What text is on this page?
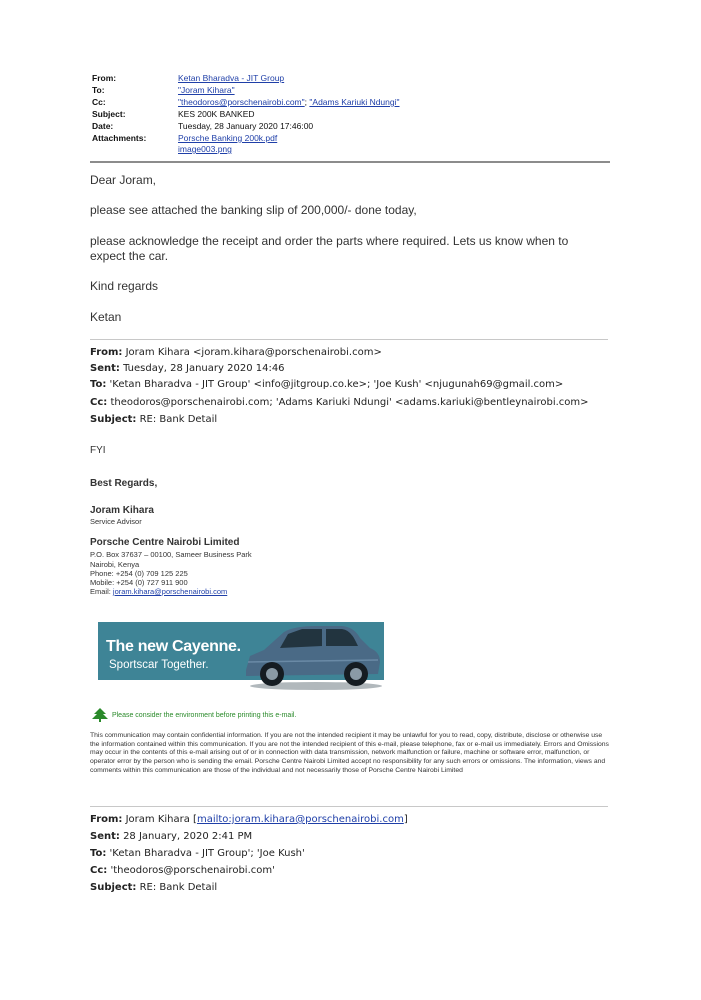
From:	Ketan Bharadva - JIT Group
To:	"Joram Kihara"
Cc:	"theodoros@porschenairobi.com"; "Adams Kariuki Ndungi"
Subject:	KES 200K BANKED
Date:	Tuesday, 28 January 2020 17:46:00
Attachments:	Porsche Banking 200k.pdf
image003.png
Dear Joram,
please see attached the banking slip of 200,000/- done today,
please acknowledge the receipt and order the parts where required. Lets us know when to expect the car.
Kind regards
Ketan
From: Joram Kihara <joram.kihara@porschenairobi.com>
Sent: Tuesday, 28 January 2020 14:46
To: 'Ketan Bharadva - JIT Group' <info@jitgroup.co.ke>; 'Joe Kush' <njugunah69@gmail.com>
Cc: theodoros@porschenairobi.com; 'Adams Kariuki Ndungi' <adams.kariuki@bentleynairobi.com>
Subject: RE: Bank Detail
FYI
Best Regards,
Joram Kihara
Service Advisor
Porsche Centre Nairobi Limited
P.O. Box 37637 – 00100, Sameer Business Park
Nairobi, Kenya
Phone: +254 (0) 709 125 225
Mobile: +254 (0) 727 911 900
Email: joram.kihara@porschenairobi.com
The new Cayenne.
Sportscar Together.
Please consider the environment before printing this e-mail.
This communication may contain confidential information. If you are not the intended recipient it may be unlawful for you to read, copy, distribute, disclose or otherwise use the information contained within this communication. If you are not the intended recipient of this e-mail, please telephone, fax or e-mail us immediately. Errors and Omissions may occur in the contents of this e-mail arising out of or in connection with data transmission, network malfunction or failure, machine or software error, malfunction, or operator error by the person who is sending the email. Porsche Centre Nairobi Limited accept no responsibility for any such errors or omissions. The information, views and comments within this communication are those of the individual and not necessarily those of Porsche Centre Nairobi Limited
From: Joram Kihara [mailto:joram.kihara@porschenairobi.com]
Sent: 28 January, 2020 2:41 PM
To: 'Ketan Bharadva - JIT Group'; 'Joe Kush'
Cc: 'theodoros@porschenairobi.com'
Subject: RE: Bank Detail
